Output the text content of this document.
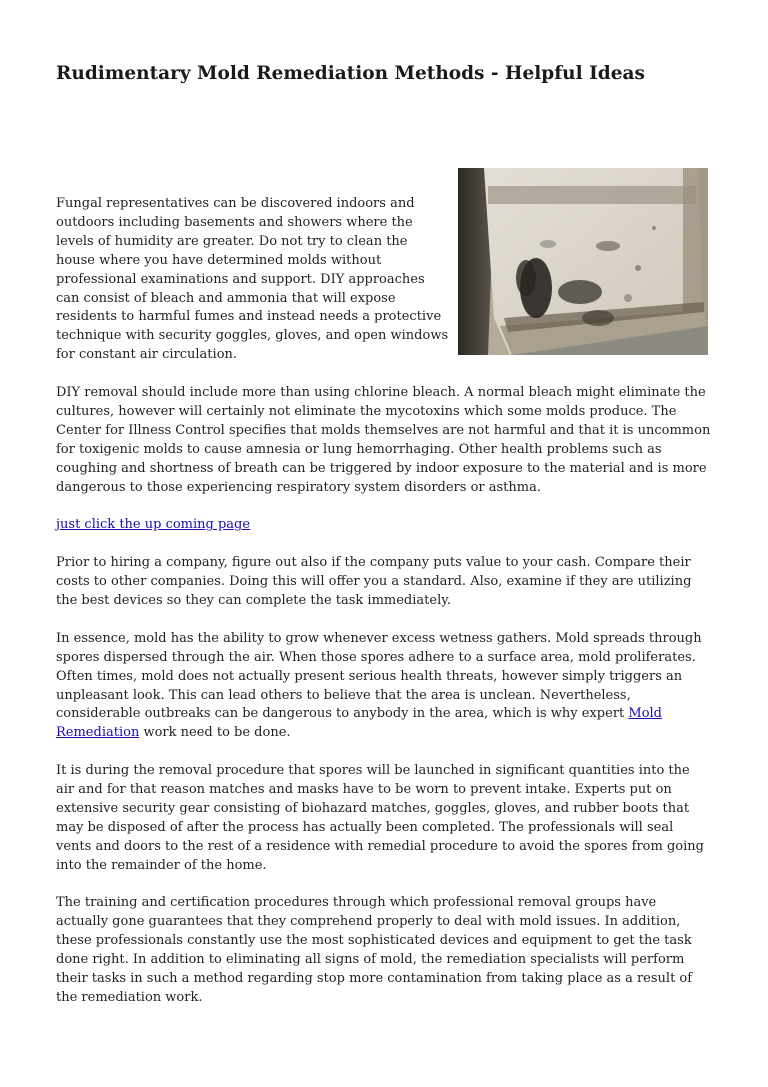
Rudimentary Mold Remediation Methods - Helpful Ideas

Fungal representatives can be discovered indoors and outdoors including basements and showers where the levels of humidity are greater. Do not try to clean the house where you have determined molds without professional examinations and support. DIY approaches can consist of bleach and ammonia that will expose residents to harmful fumes and instead needs a protective technique with security goggles, gloves, and open windows for constant air circulation.

DIY removal should include more than using chlorine bleach. A normal bleach might eliminate the cultures, however will certainly not eliminate the mycotoxins which some molds produce. The Center for Illness Control specifies that molds themselves are not harmful and that it is uncommon for toxigenic molds to cause amnesia or lung hemorrhaging. Other health problems such as coughing and shortness of breath can be triggered by indoor exposure to the material and is more dangerous to those experiencing respiratory system disorders or asthma.

just click the up coming page

Prior to hiring a company, figure out also if the company puts value to your cash. Compare their costs to other companies. Doing this will offer you a standard. Also, examine if they are utilizing the best devices so they can complete the task immediately.

In essence, mold has the ability to grow whenever excess wetness gathers. Mold spreads through spores dispersed through the air. When those spores adhere to a surface area, mold proliferates. Often times, mold does not actually present serious health threats, however simply triggers an unpleasant look. This can lead others to believe that the area is unclean. Nevertheless, considerable outbreaks can be dangerous to anybody in the area, which is why expert Mold Remediation work need to be done.

It is during the removal procedure that spores will be launched in significant quantities into the air and for that reason matches and masks have to be worn to prevent intake. Experts put on extensive security gear consisting of biohazard matches, goggles, gloves, and rubber boots that may be disposed of after the process has actually been completed. The professionals will seal vents and doors to the rest of a residence with remedial procedure to avoid the spores from going into the remainder of the home.

The training and certification procedures through which professional removal groups have actually gone guarantees that they comprehend properly to deal with mold issues. In addition, these professionals constantly use the most sophisticated devices and equipment to get the task done right. In addition to eliminating all signs of mold, the remediation specialists will perform their tasks in such a method regarding stop more contamination from taking place as a result of the remediation work.
